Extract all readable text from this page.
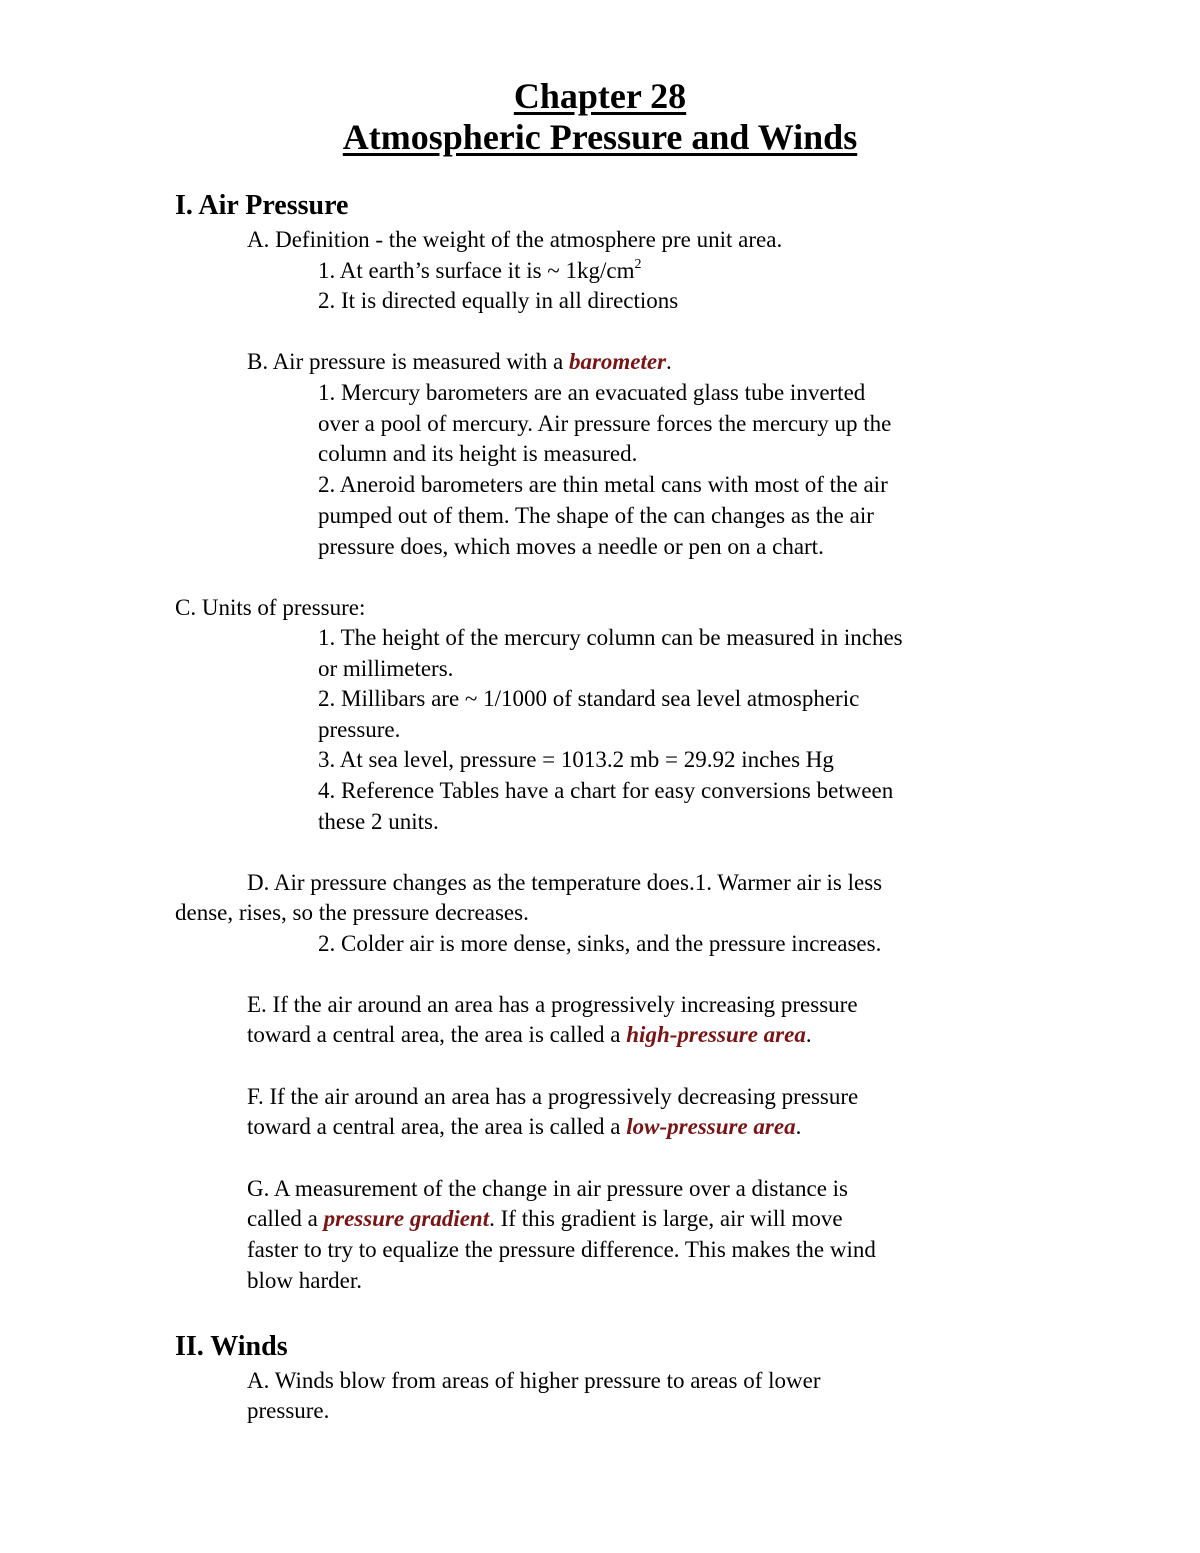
Chapter 28
Atmospheric Pressure and Winds
I. Air Pressure
A. Definition - the weight of the atmosphere pre unit area.
1. At earth’s surface it is ~ $1kg/cm^2$
2. It is directed equally in all directions
B. Air pressure is measured with a barometer.
1. Mercury barometers are an evacuated glass tube inverted
over a pool of mercury. Air pressure forces the mercury up the
column and its height is measured.
2. Aneroid barometers are thin metal cans with most of the air
pumped out of them. The shape of the can changes as the air
pressure does, which moves a needle or pen on a chart.
C. Units of pressure:
1. The height of the mercury column can be measured in inches
or millimeters.
2. Millibars are ~ 1/1000 of standard sea level atmospheric
pressure.
3. At sea level, pressure = 1013.2 mb = 29.92 inches Hg
4. Reference Tables have a chart for easy conversions between
these 2 units.
D. Air pressure changes as the temperature does.1. Warmer air is less
dense, rises, so the pressure decreases.
2. Colder air is more dense, sinks, and the pressure increases.
E. If the air around an area has a progressively increasing pressure
toward a central area, the area is called a high-pressure area.
F. If the air around an area has a progressively decreasing pressure
toward a central area, the area is called a low-pressure area.
G. A measurement of the change in air pressure over a distance is
called a pressure gradient. If this gradient is large, air will move
faster to try to equalize the pressure difference. This makes the wind
blow harder.
II. Winds
A. Winds blow from areas of higher pressure to areas of lower
pressure.
